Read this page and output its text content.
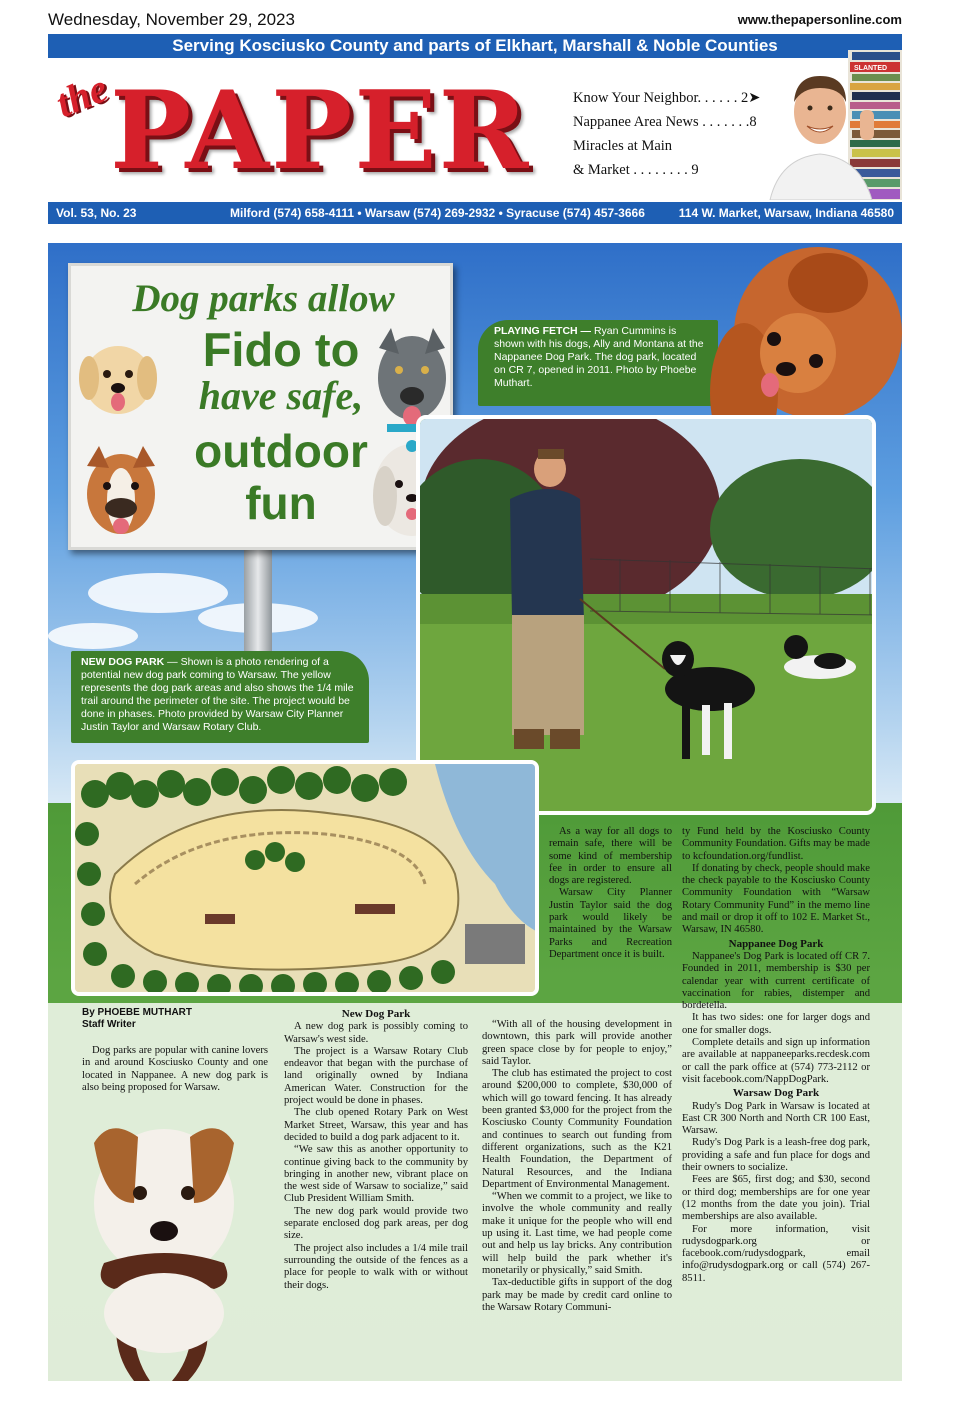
Wednesday, November 29, 2023	www.thepapersonline.com
Serving Kosciusko County and parts of Elkhart, Marshall & Noble Counties
the
PAPER	Know Your Neighbor. . . . . . 2➤
Nappanee Area News . . . . . . .8
Miracles at Main
& Market . . . . . . . . 9
SLANTED
Vol. 53, No. 23	Milford (574) 658-4111 • Warsaw (574) 269-2932 • Syracuse (574) 457-3666	114 W. Market, Warsaw, Indiana 46580
Dog parks allow
Fido to
have safe,
outdoor
fun
PLAYING FETCH — Ryan Cummins is shown with his dogs, Ally and Montana at the Nappanee Dog Park. The dog park, located on CR 7, opened in 2011. Photo by Phoebe Muthart.
NEW DOG PARK — Shown is a photo rendering of a potential new dog park coming to Warsaw. The yellow represents the dog park areas and also shows the 1/4 mile trail around the perimeter of the site. The project would be done in phases. Photo provided by Warsaw City Planner Justin Taylor and Warsaw Rotary Club.
By PHOEBE MUTHART
Staff Writer

Dog parks are popular with canine lovers in and around Kosciusko County and one located in Nappanee. A new dog park is also being proposed for Warsaw.

New Dog Park

A new dog park is possibly coming to Warsaw's west side.

The project is a Warsaw Rotary Club endeavor that began with the purchase of land originally owned by Indiana American Water. Construction for the project would be done in phases.

The club opened Rotary Park on West Market Street, Warsaw, this year and has decided to build a dog park adjacent to it.

“We saw this as another opportunity to continue giving back to the community by bringing in another new, vibrant place on the west side of Warsaw to socialize,” said Club President William Smith.

The new dog park would provide two separate enclosed dog park areas, per dog size.

The project also includes a 1/4 mile trail surrounding the outside of the fences as a place for people to walk with or without their dogs.

As a way for all dogs to remain safe, there will be some kind of membership fee in order to ensure all dogs are registered.

Warsaw City Planner Justin Taylor said the dog park would likely be maintained by the Warsaw Parks and Recreation Department once it is built.

“With all of the housing development in downtown, this park will provide another green space close by for people to enjoy,” said Taylor.

The club has estimated the project to cost around $200,000 to complete, $30,000 of which will go toward fencing. It has already been granted $3,000 for the project from the Kosciusko County Community Foundation and continues to search out funding from different organizations, such as the K21 Health Foundation, the Department of Natural Resources, and the Indiana Department of Environmental Management.

“When we commit to a project, we like to involve the whole community and really make it unique for the people who will end up using it. Last time, we had people come out and help us lay bricks. Any contribution will help build the park whether it's monetarily or physically,” said Smith.

Tax-deductible gifts in support of the dog park may be made by credit card online to the Warsaw Rotary Communi-

ty Fund held by the Kosciusko County Community Foundation. Gifts may be made to kcfoundation.org/fundlist.

If donating by check, people should make the check payable to the Kosciusko County Community Foundation with “Warsaw Rotary Community Fund” in the memo line and mail or drop it off to 102 E. Market St., Warsaw, IN 46580.

Nappanee Dog Park

Nappanee's Dog Park is located off CR 7. Founded in 2011, membership is $30 per calendar year with current certificate of vaccination for rabies, distemper and bordetella.

It has two sides: one for larger dogs and one for smaller dogs.

Complete details and sign up information are available at nappaneeparks.recdesk.com or call the park office at (574) 773-2112 or visit facebook.com/NappDogPark.

Warsaw Dog Park

Rudy's Dog Park in Warsaw is located at East CR 300 North and North CR 100 East, Warsaw.

Rudy's Dog Park is a leash-free dog park, providing a safe and fun place for dogs and their owners to socialize.

Fees are $65, first dog; and $30, second or third dog; memberships are for one year (12 months from the date you join). Trial memberships are also available.

For more information, visit rudysdogpark.org or facebook.com/rudysdogpark, email info@rudysdogpark.org or call (574) 267-8511.
